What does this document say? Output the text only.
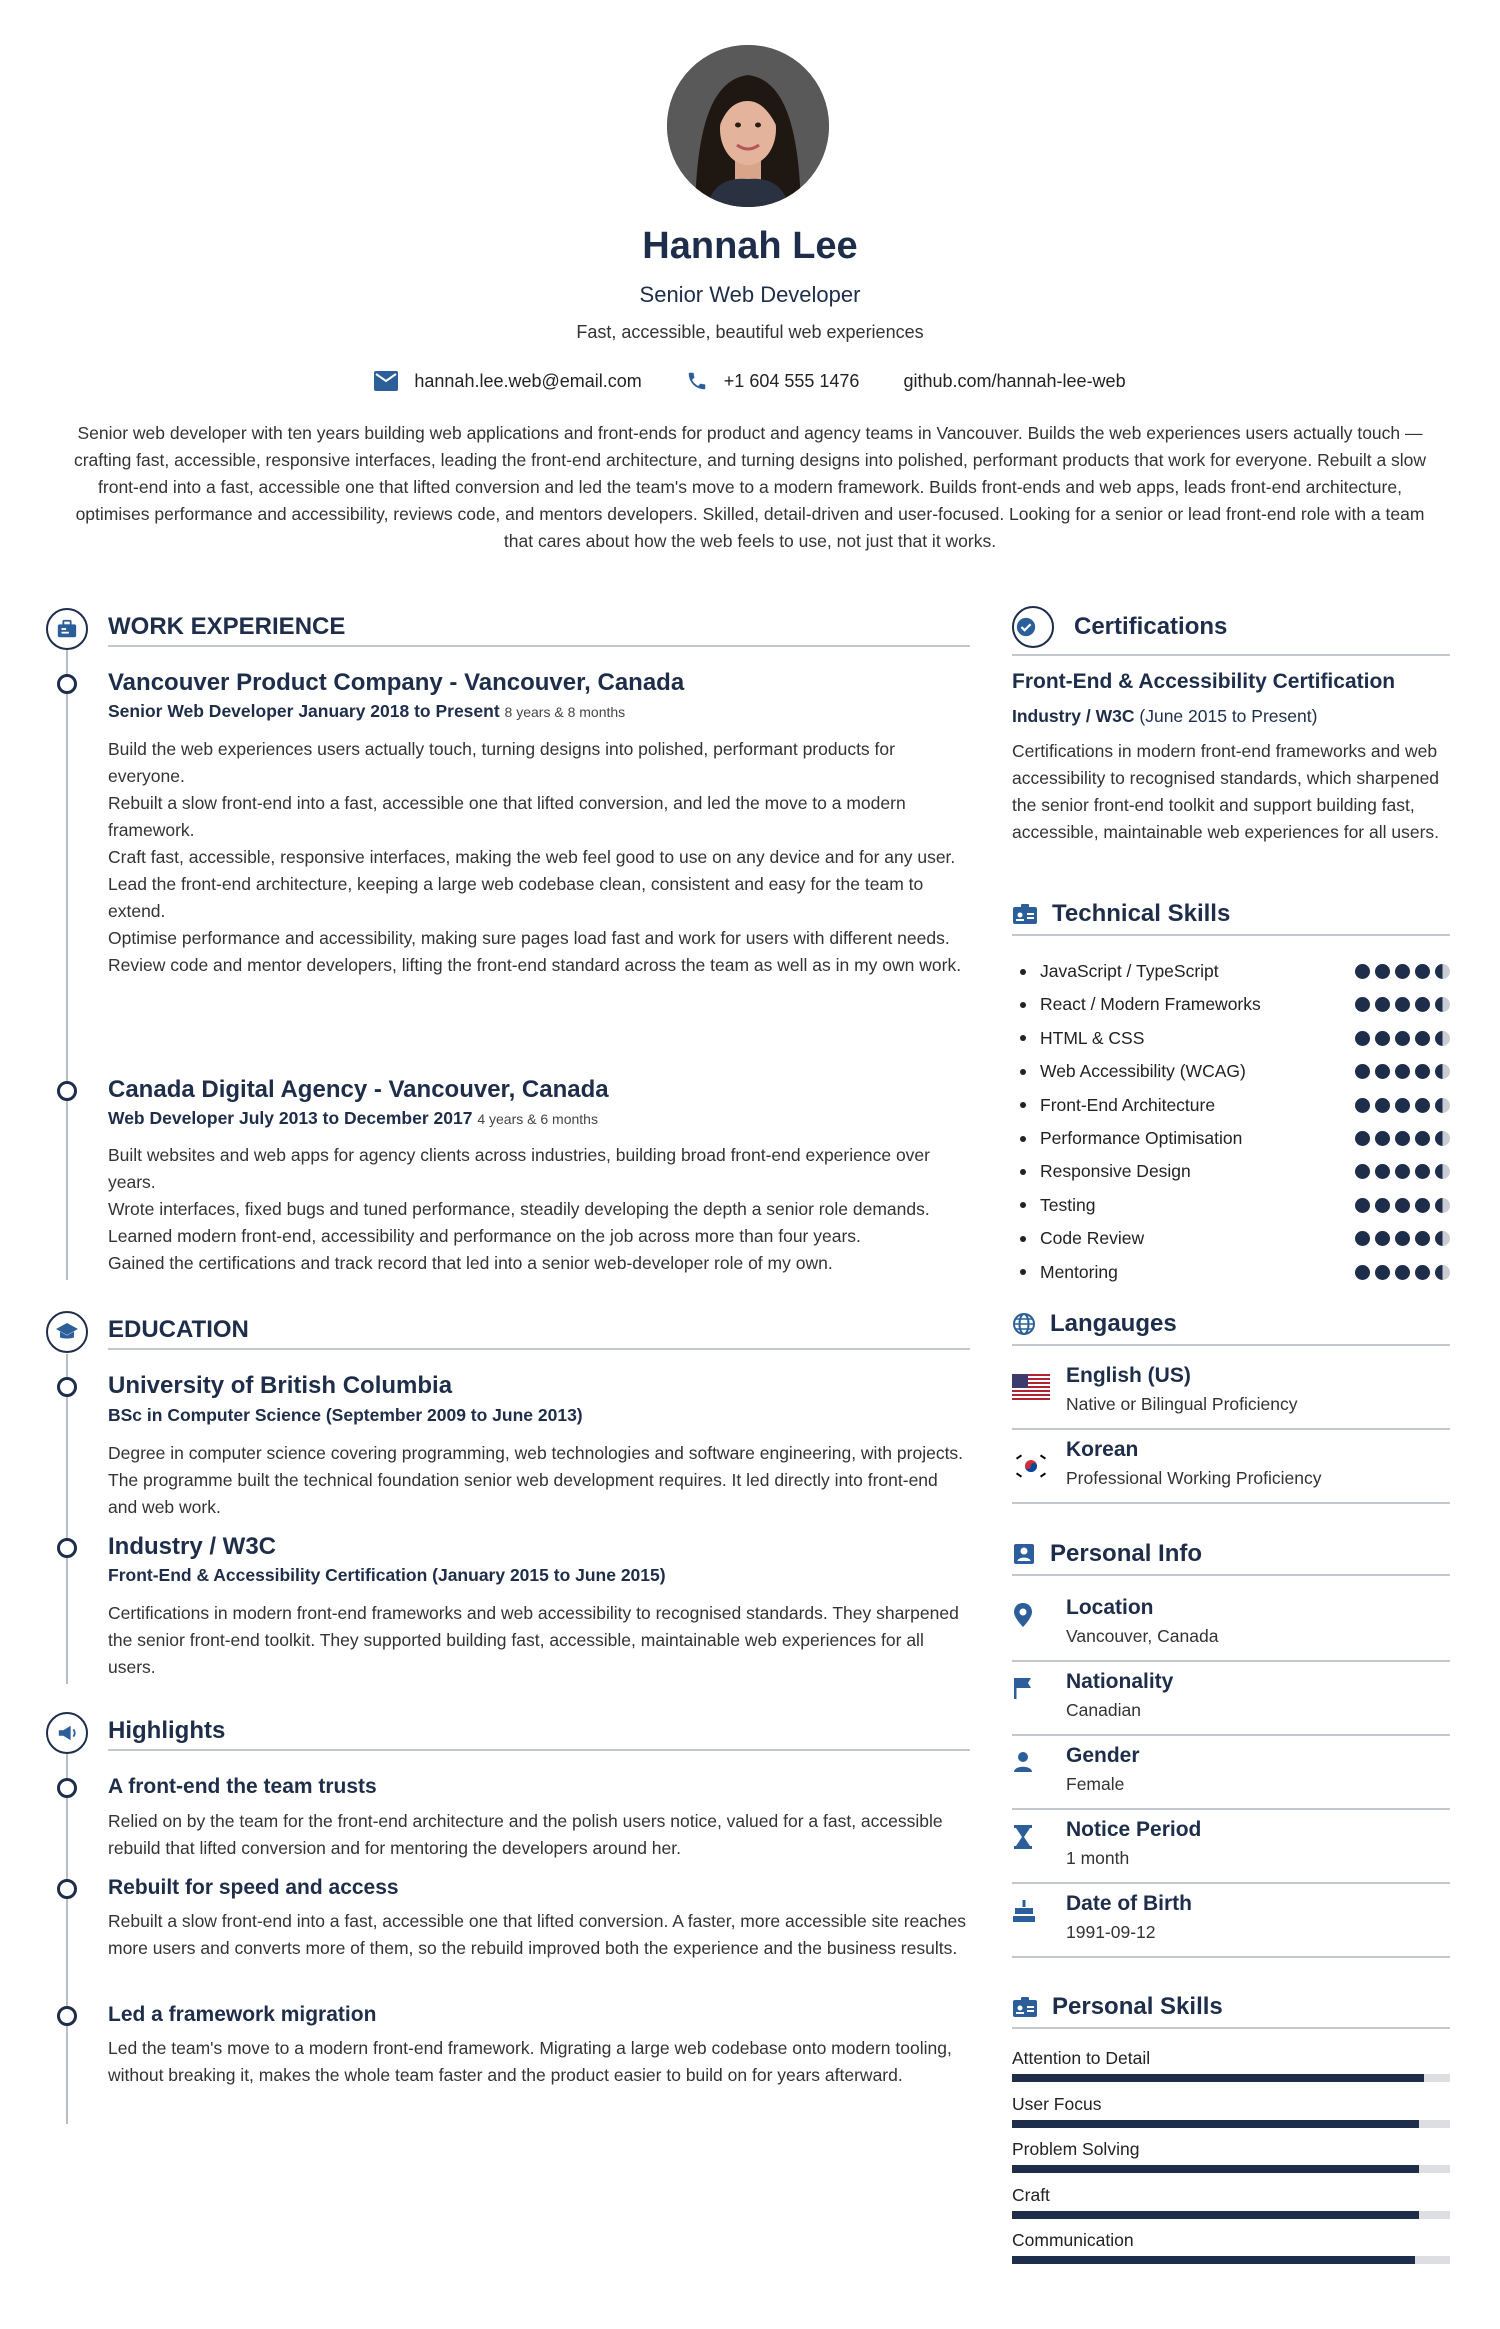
Hannah Lee
Senior Web Developer
Fast, accessible, beautiful web experiences
hannah.lee.web@email.com	+1 604 555 1476 github.com/hannah-lee-web
Senior web developer with ten years building web applications and front-ends for product and agency teams in Vancouver. Builds the web experiences users actually touch — crafting fast, accessible, responsive interfaces, leading the front-end architecture, and turning designs into polished, performant products that work for everyone. Rebuilt a slow front-end into a fast, accessible one that lifted conversion and led the team's move to a modern framework. Builds front-ends and web apps, leads front-end architecture, optimises performance and accessibility, reviews code, and mentors developers. Skilled, detail-driven and user-focused. Looking for a senior or lead front-end role with a team that cares about how the web feels to use, not just that it works.
WORK EXPERIENCE
Vancouver Product Company - Vancouver, Canada
Senior Web Developer January 2018 to Present 8 years & 8 months
Build the web experiences users actually touch, turning designs into polished, performant products for everyone.
Rebuilt a slow front-end into a fast, accessible one that lifted conversion, and led the move to a modern framework.
Craft fast, accessible, responsive interfaces, making the web feel good to use on any device and for any user.
Lead the front-end architecture, keeping a large web codebase clean, consistent and easy for the team to extend.
Optimise performance and accessibility, making sure pages load fast and work for users with different needs.
Review code and mentor developers, lifting the front-end standard across the team as well as in my own work.
Canada Digital Agency - Vancouver, Canada
Web Developer July 2013 to December 2017 4 years & 6 months
Built websites and web apps for agency clients across industries, building broad front-end experience over years.
Wrote interfaces, fixed bugs and tuned performance, steadily developing the depth a senior role demands.
Learned modern front-end, accessibility and performance on the job across more than four years.
Gained the certifications and track record that led into a senior web-developer role of my own.
EDUCATION
University of British Columbia
BSc in Computer Science (September 2009 to June 2013)
Degree in computer science covering programming, web technologies and software engineering, with projects. The programme built the technical foundation senior web development requires. It led directly into front-end and web work.
Industry / W3C
Front-End & Accessibility Certification (January 2015 to June 2015)
Certifications in modern front-end frameworks and web accessibility to recognised standards. They sharpened the senior front-end toolkit. They supported building fast, accessible, maintainable web experiences for all users.
Highlights
A front-end the team trusts
Relied on by the team for the front-end architecture and the polish users notice, valued for a fast, accessible rebuild that lifted conversion and for mentoring the developers around her.
Rebuilt for speed and access
Rebuilt a slow front-end into a fast, accessible one that lifted conversion. A faster, more accessible site reaches more users and converts more of them, so the rebuild improved both the experience and the business results.
Led a framework migration
Led the team's move to a modern front-end framework. Migrating a large web codebase onto modern tooling, without breaking it, makes the whole team faster and the product easier to build on for years afterward.
Certifications
Front-End & Accessibility Certification
Industry / W3C (June 2015 to Present)
Certifications in modern front-end frameworks and web accessibility to recognised standards, which sharpened the senior front-end toolkit and support building fast, accessible, maintainable web experiences for all users.
Technical Skills
JavaScript / TypeScript
React / Modern Frameworks
HTML & CSS
Web Accessibility (WCAG)
Front-End Architecture
Performance Optimisation
Responsive Design
Testing
Code Review
Mentoring
Langauges
English (US)
Native or Bilingual Proficiency
Korean
Professional Working Proficiency
Personal Info
Location
Vancouver, Canada
Nationality
Canadian
Gender
Female
Notice Period
1 month
Date of Birth
1991-09-12
Personal Skills
Attention to Detail
User Focus
Problem Solving
Craft
Communication
